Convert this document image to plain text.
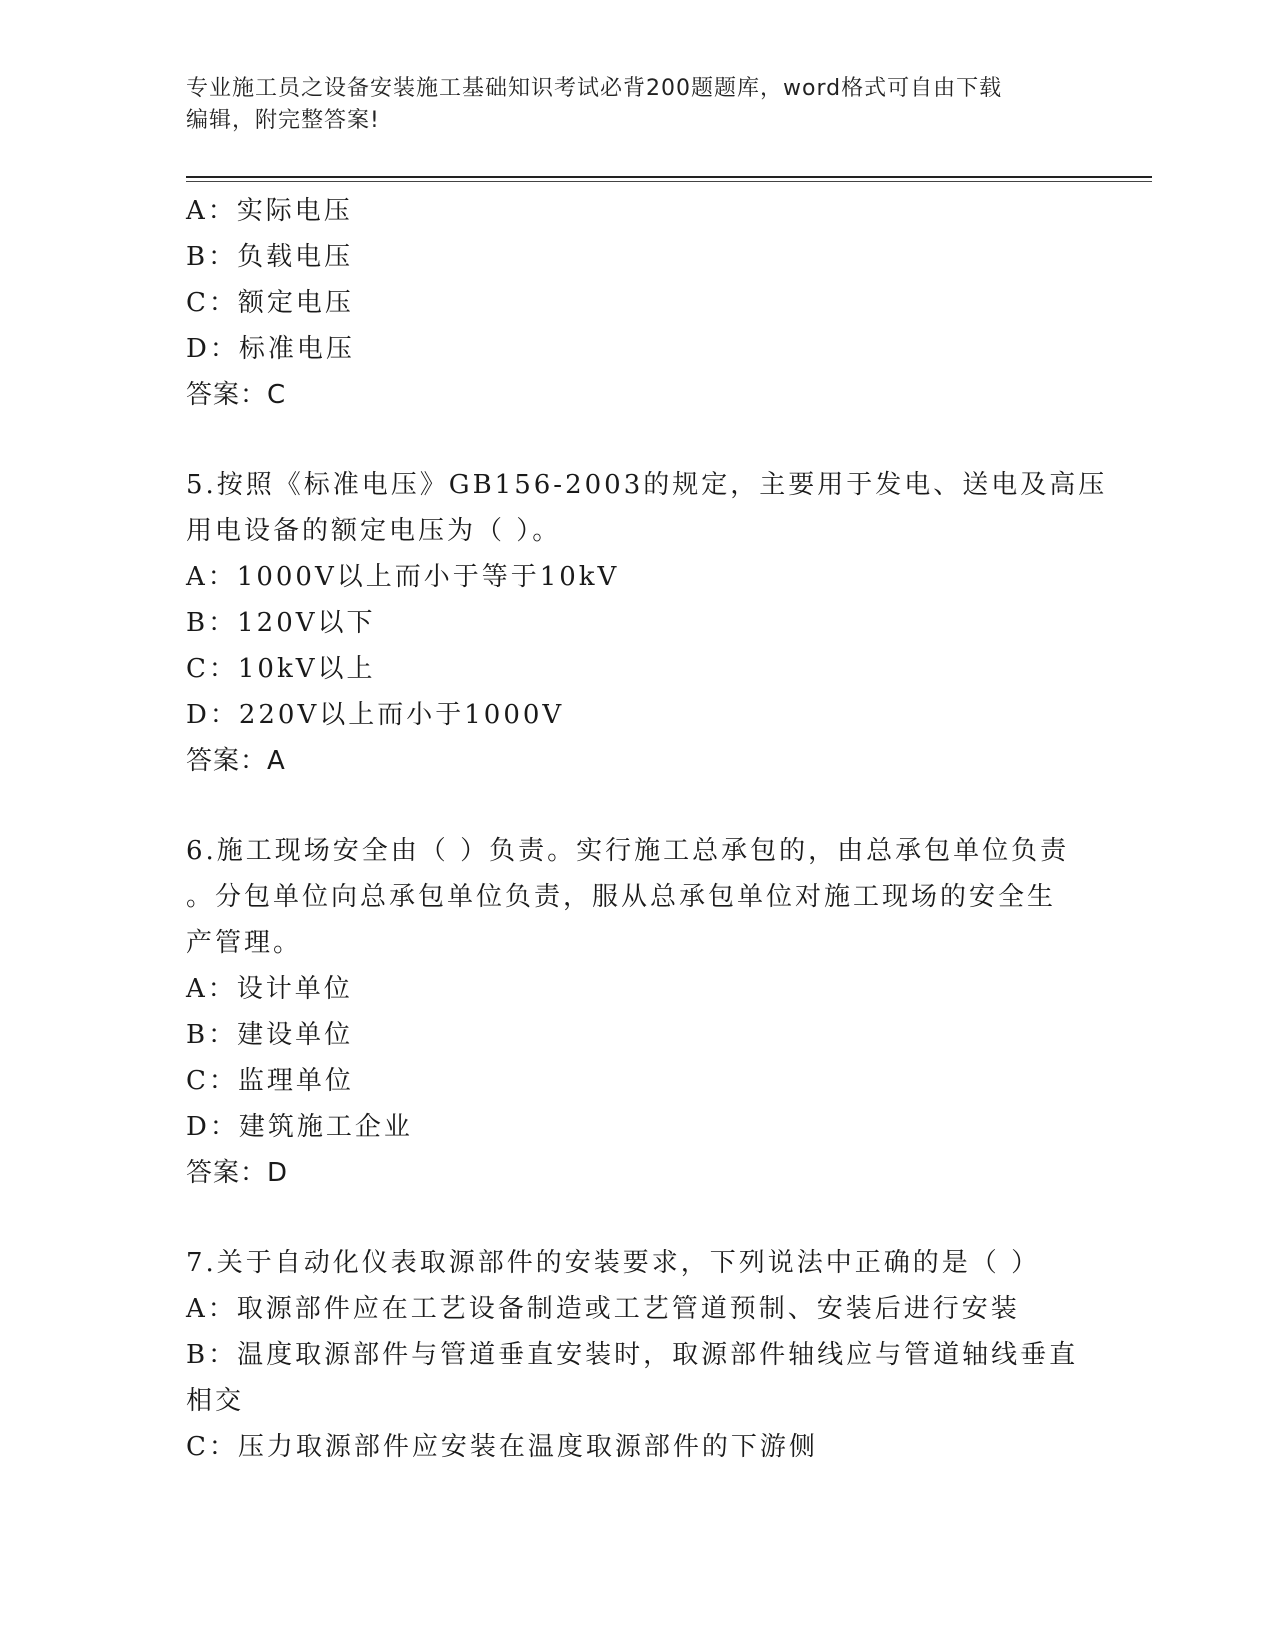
专业施工员之设备安装施工基础知识考试必背200题题库，word格式可自由下载
编辑，附完整答案!
A：实际电压
B：负载电压
C：额定电压
D：标准电压
答案：C
5.按照《标准电压》GB156-2003的规定，主要用于发电、送电及高压
用电设备的额定电压为（ ）。
A：1000V以上而小于等于10kV
B：120V以下
C：10kV以上
D：220V以上而小于1000V
答案：A
6.施工现场安全由（ ）负责。实行施工总承包的，由总承包单位负责
。分包单位向总承包单位负责，服从总承包单位对施工现场的安全生
产管理。
A：设计单位
B：建设单位
C：监理单位
D：建筑施工企业
答案：D
7.关于自动化仪表取源部件的安装要求，下列说法中正确的是（ ）
A：取源部件应在工艺设备制造或工艺管道预制、安装后进行安装
B：温度取源部件与管道垂直安装时，取源部件轴线应与管道轴线垂直
相交
C：压力取源部件应安装在温度取源部件的下游侧
